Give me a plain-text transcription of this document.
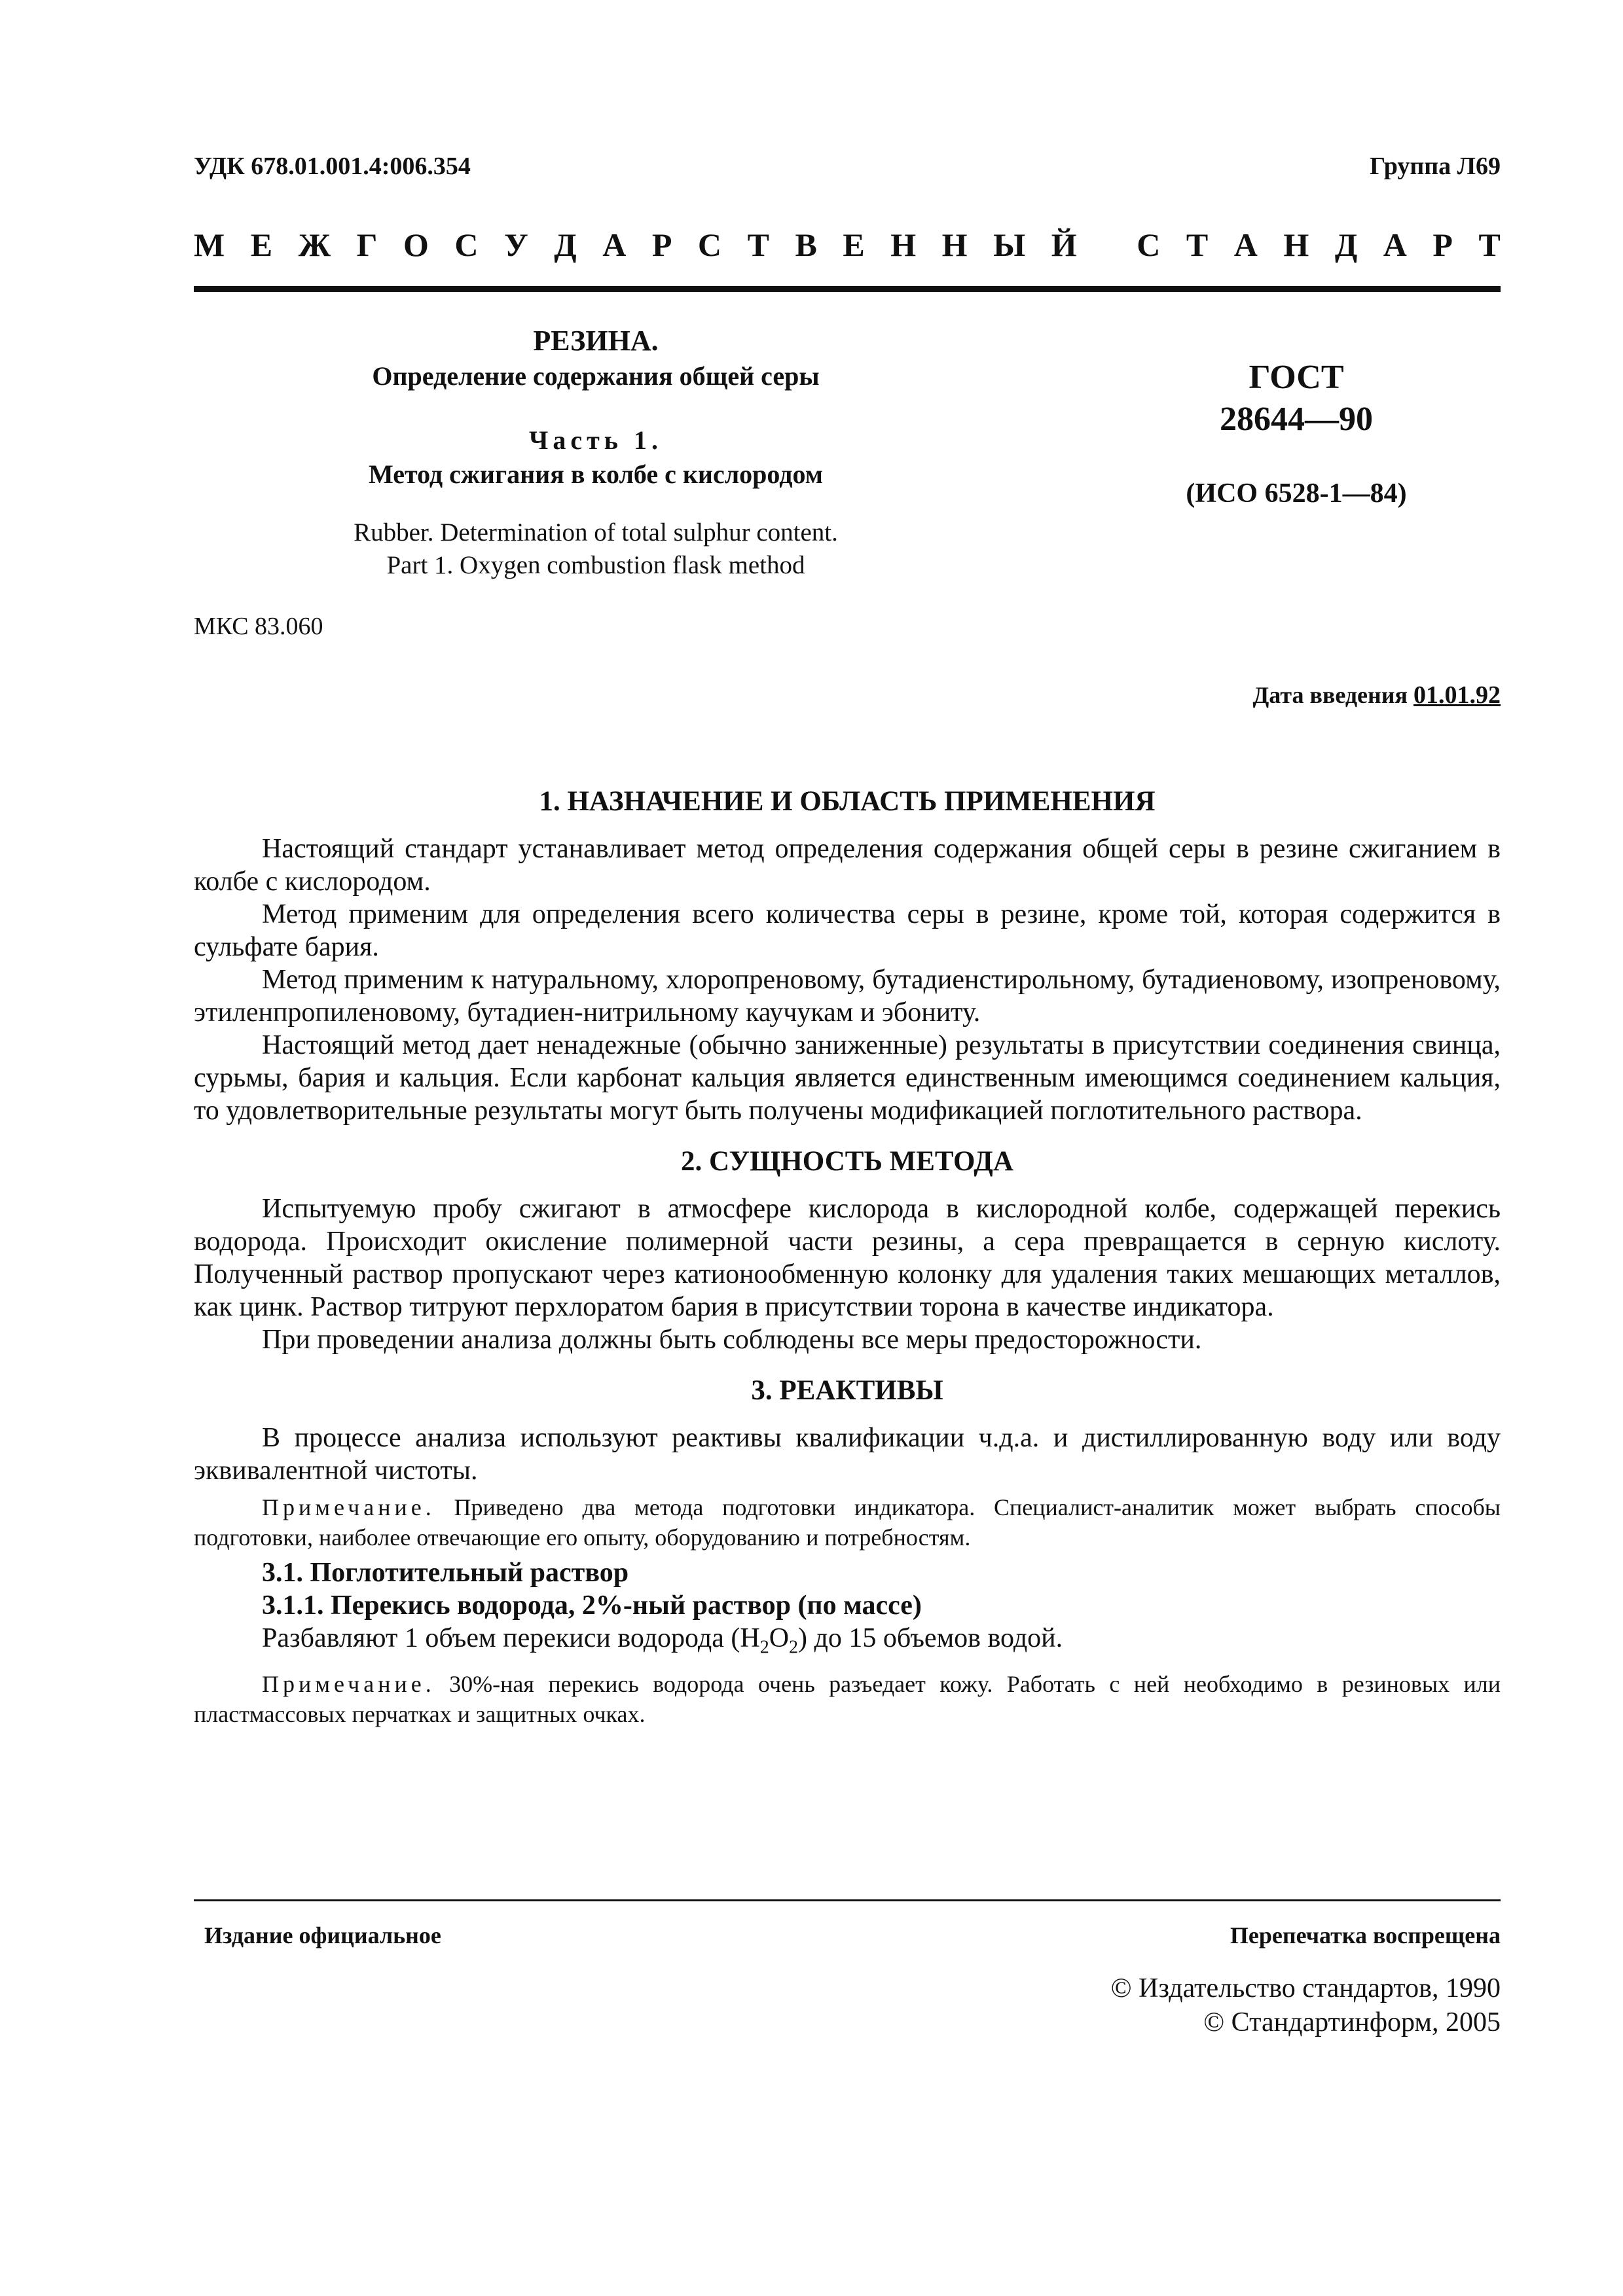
УДК 678.01.001.4:006.354	Группа Л69
М Е Ж Г О С У Д А Р С Т В Е Н Н Ы Й
С Т А Н Д А Р Т
РЕЗИНА.
Определение содержания общей серы
Часть 1.
Метод сжигания в колбе с кислородом
Rubber. Determination of total sulphur content.
Part 1. Oxygen combustion flask method
ГОСТ
28644—90
(ИСО 6528-1—84)
МКС 83.060
Дата введения 01.01.92
1. НАЗНАЧЕНИЕ И ОБЛАСТЬ ПРИМЕНЕНИЯ

Настоящий стандарт устанавливает метод определения содержания общей серы в резине сжиганием в колбе с кислородом.

Метод применим для определения всего количества серы в резине, кроме той, которая содержится в сульфате бария.

Метод применим к натуральному, хлоропреновому, бутадиенстирольному, бутадиеновому, изопреновому, этиленпропиленовому, бутадиен-нитрильному каучукам и эбониту.

Настоящий метод дает ненадежные (обычно заниженные) результаты в присутствии соединения свинца, сурьмы, бария и кальция. Если карбонат кальция является единственным имеющимся соединением кальция, то удовлетворительные результаты могут быть получены модификацией поглотительного раствора.

2. СУЩНОСТЬ МЕТОДА

Испытуемую пробу сжигают в атмосфере кислорода в кислородной колбе, содержащей перекись водорода. Происходит окисление полимерной части резины, а сера превращается в серную кислоту. Полученный раствор пропускают через катионообменную колонку для удаления таких мешающих металлов, как цинк. Раствор титруют перхлоратом бария в присутствии торона в качестве индикатора.

При проведении анализа должны быть соблюдены все меры предосторожности.

3. РЕАКТИВЫ

В процессе анализа используют реактивы квалификации ч.д.а. и дистиллированную воду или воду эквивалентной чистоты.

Примечание. Приведено два метода подготовки индикатора. Специалист-аналитик может выбрать способы подготовки, наиболее отвечающие его опыту, оборудованию и потребностям.

3.1. Поглотительный раствор

3.1.1. Перекись водорода, 2%-ный раствор (по массе)

Разбавляют 1 объем перекиси водорода $(H_2O_2)$ до 15 объемов водой.

Примечание. 30%-ная перекись водорода очень разъедает кожу. Работать с ней необходимо в резиновых или пластмассовых перчатках и защитных очках.

Издание официальное	Перепечатка воспрещена
© Издательство стандартов, 1990
© Стандартинформ, 2005
